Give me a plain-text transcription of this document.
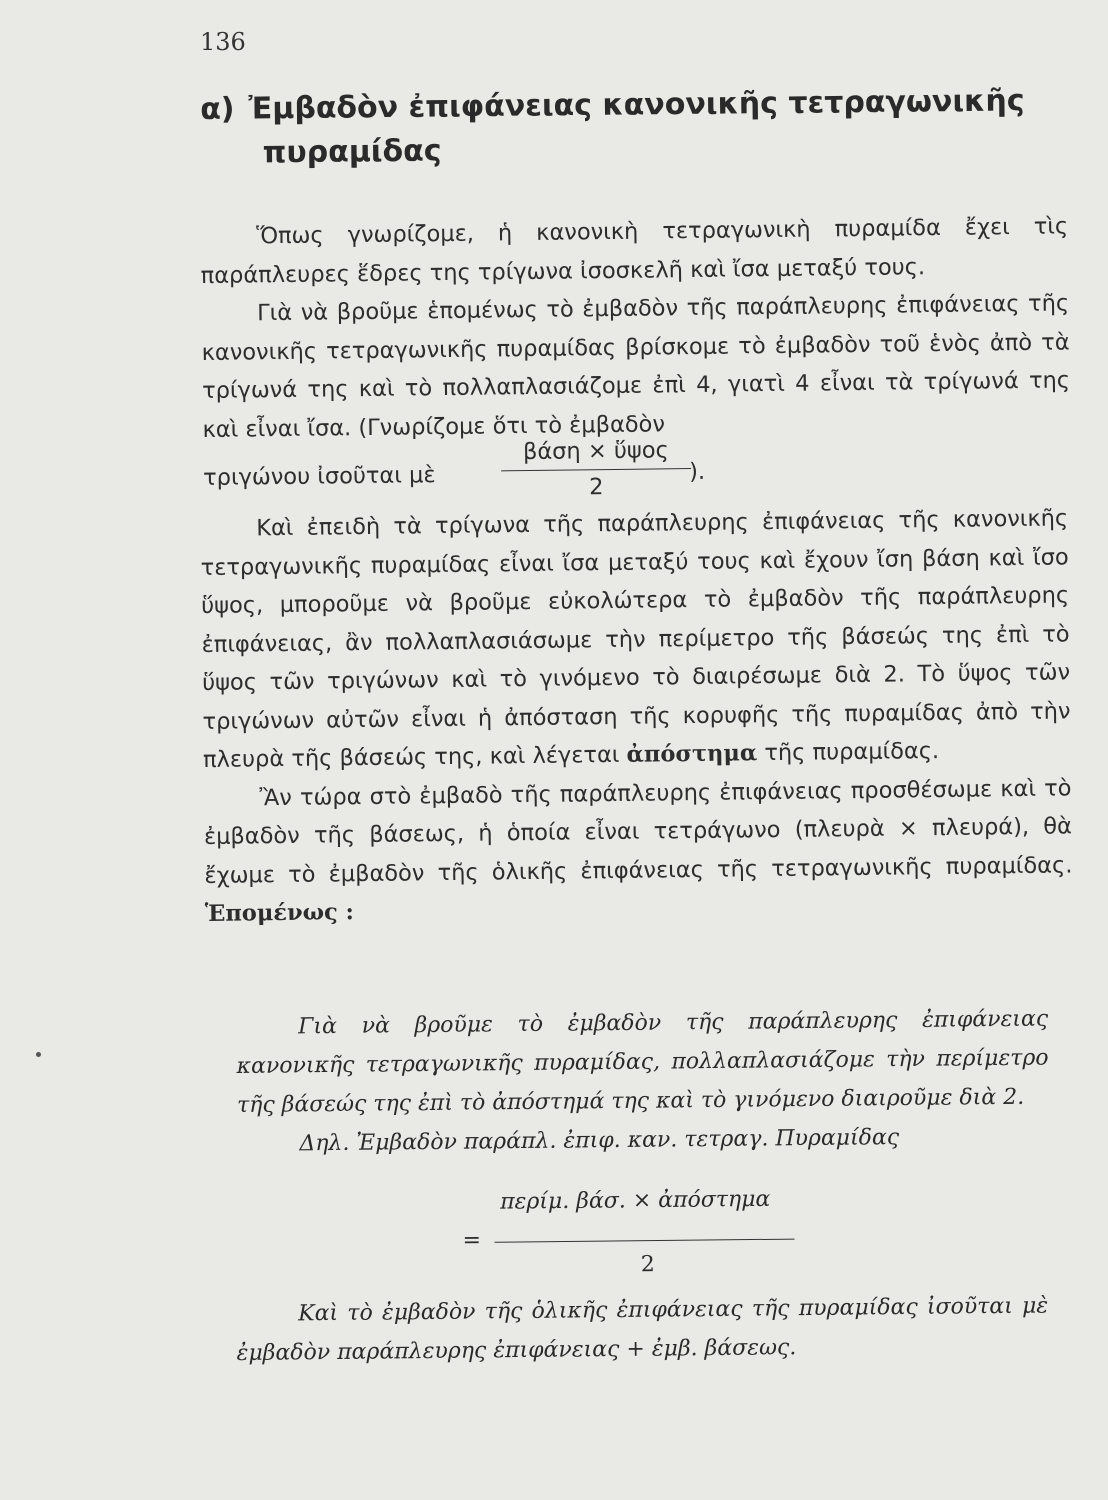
136
α) Ἐμβαδὸν ἐπιφάνειας κανονικῆς τετραγωνικῆς
πυραμίδας

Ὅπως γνωρίζομε, ἡ κανονικὴ τετραγωνικὴ πυραμίδα ἔχει τὶς παράπλευρες ἕδρες της τρίγωνα ἰσοσκελῆ καὶ ἴσα μεταξύ τους.

Γιὰ νὰ βροῦμε ἑπομένως τὸ ἐμβαδὸν τῆς παράπλευρης ἐπιφάνειας τῆς κανονικῆς τετραγωνικῆς πυραμίδας βρίσκομε τὸ ἐμβαδὸν τοῦ ἑνὸς ἀπὸ τὰ τρίγωνά της καὶ τὸ πολλαπλασιάζομε ἐπὶ 4, γιατὶ 4 εἶναι τὰ τρίγωνά της καὶ εἶναι ἴσα. (Γνωρίζομε ὅτι τὸ ἐμβαδὸν

τριγώνου ἰσοῦται μὲ
βάση × ὕψος
2
).

Καὶ ἐπειδὴ τὰ τρίγωνα τῆς παράπλευρης ἐπιφάνειας τῆς κανονικῆς τετραγωνικῆς πυραμίδας εἶναι ἴσα μεταξύ τους καὶ ἔχουν ἴση βάση καὶ ἴσο ὕψος, μποροῦμε νὰ βροῦμε εὐκολώτερα τὸ ἐμβαδὸν τῆς παράπλευρης ἐπιφάνειας, ἂν πολλαπλασιάσωμε τὴν περίμετρο τῆς βάσεώς της ἐπὶ τὸ ὕψος τῶν τριγώνων καὶ τὸ γινόμενο τὸ διαιρέσωμε διὰ 2. Τὸ ὕψος τῶν τριγώνων αὐτῶν εἶναι ἡ ἀπόσταση τῆς κορυφῆς τῆς πυραμίδας ἀπὸ τὴν πλευρὰ τῆς βάσεώς της, καὶ λέγεται ἀπόστημα τῆς πυραμίδας.

Ἂν τώρα στὸ ἐμβαδὸ τῆς παράπλευρης ἐπιφάνειας προσθέσωμε καὶ τὸ ἐμβαδὸν τῆς βάσεως, ἡ ὁποία εἶναι τετράγωνο (πλευρὰ × πλευρά), θὰ ἔχωμε τὸ ἐμβαδὸν τῆς ὁλικῆς ἐπιφάνειας τῆς τετραγωνικῆς πυραμίδας. Ἑπομένως :

Γιὰ νὰ βροῦμε τὸ ἐμβαδὸν τῆς παράπλευρης ἐπιφάνειας κανονικῆς τετραγωνικῆς πυραμίδας, πολλαπλασιάζομε τὴν περίμετρο τῆς βάσεώς της ἐπὶ τὸ ἀπόστημά της καὶ τὸ γινόμενο διαιροῦμε διὰ 2.

Δηλ. Ἐμβαδὸν παράπλ. ἐπιφ. καν. τετραγ. Πυραμίδας

περίμ. βάσ. × ἀπόστημα
=
2

Καὶ τὸ ἐμβαδὸν τῆς ὁλικῆς ἐπιφάνειας τῆς πυραμίδας ἰσοῦται μὲ ἐμβαδὸν παράπλευρης ἐπιφάνειας + ἐμβ. βάσεως.
